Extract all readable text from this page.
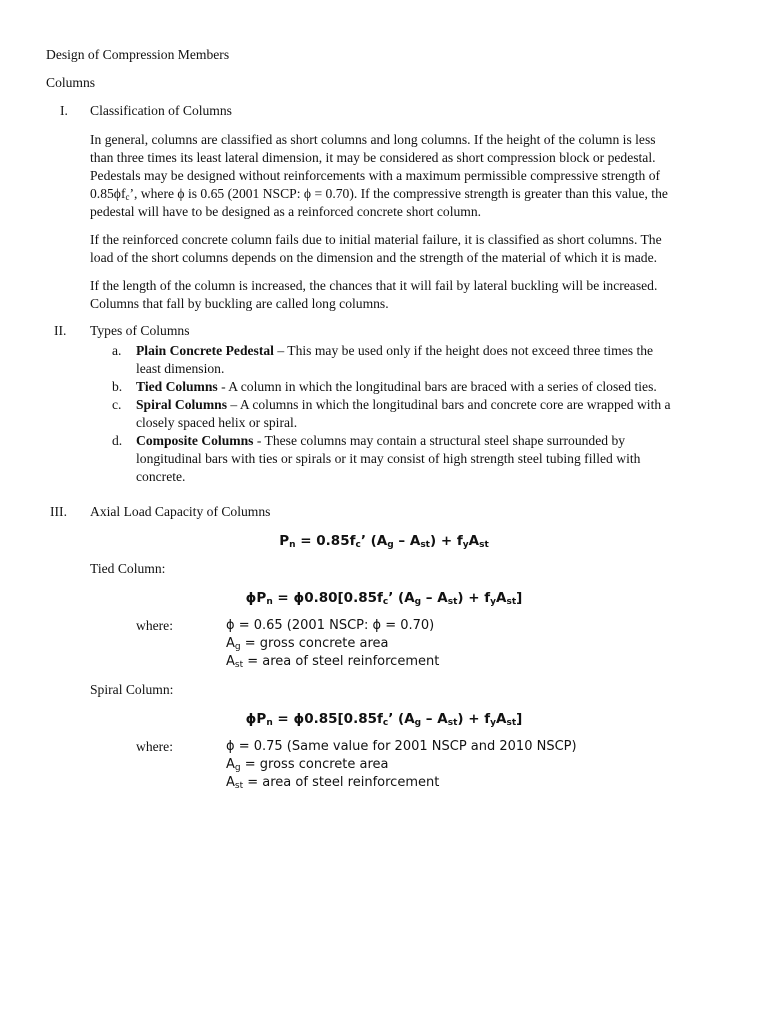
Design of Compression Members
Columns
I. Classification of Columns
In general, columns are classified as short columns and long columns. If the height of the column is less
than three times its least lateral dimension, it may be considered as short compression block or pedestal.
Pedestals may be designed without reinforcements with a maximum permissible compressive strength of
$0.85\phi f_c$’, where ϕ is 0.65 (2001 NSCP: ϕ = 0.70). If the compressive strength is greater than this value, the
pedestal will have to be designed as a reinforced concrete short column.
If the reinforced concrete column fails due to initial material failure, it is classified as short columns. The
load of the short columns depends on the dimension and the strength of the material of which it is made.
If the length of the column is increased, the chances that it will fail by lateral buckling will be increased.
Columns that fall by buckling are called long columns.
II. Types of Columns
a. Plain Concrete Pedestal – This may be used only if the height does not exceed three times the
least dimension.
b. Tied Columns - A column in which the longitudinal bars are braced with a series of closed ties.
c. Spiral Columns – A columns in which the longitudinal bars and concrete core are wrapped with a
closely spaced helix or spiral.
d. Composite Columns - These columns may contain a structural steel shape surrounded by
longitudinal bars with ties or spirals or it may consist of high strength steel tubing filled with
concrete.
III. Axial Load Capacity of Columns
$P_n = 0.85f_c$’ $(A_g - A_{st}) + f_yA_{st}$
Tied Column:
$\phi P_n = \phi 0.80[0.85f_c$’ $(A_g - A_{st}) + f_yA_{st}$]
where:	ϕ = 0.65 (2001 NSCP: ϕ = 0.70)
$A_g$ = gross concrete area
$A_{st}$ = area of steel reinforcement
Spiral Column:
$\phi P_n = \phi 0.85[0.85f_c$’ $(A_g - A_{st}) + f_yA_{st}$]
where:	ϕ = 0.75 (Same value for 2001 NSCP and 2010 NSCP)
$A_g$ = gross concrete area
$A_{st}$ = area of steel reinforcement
